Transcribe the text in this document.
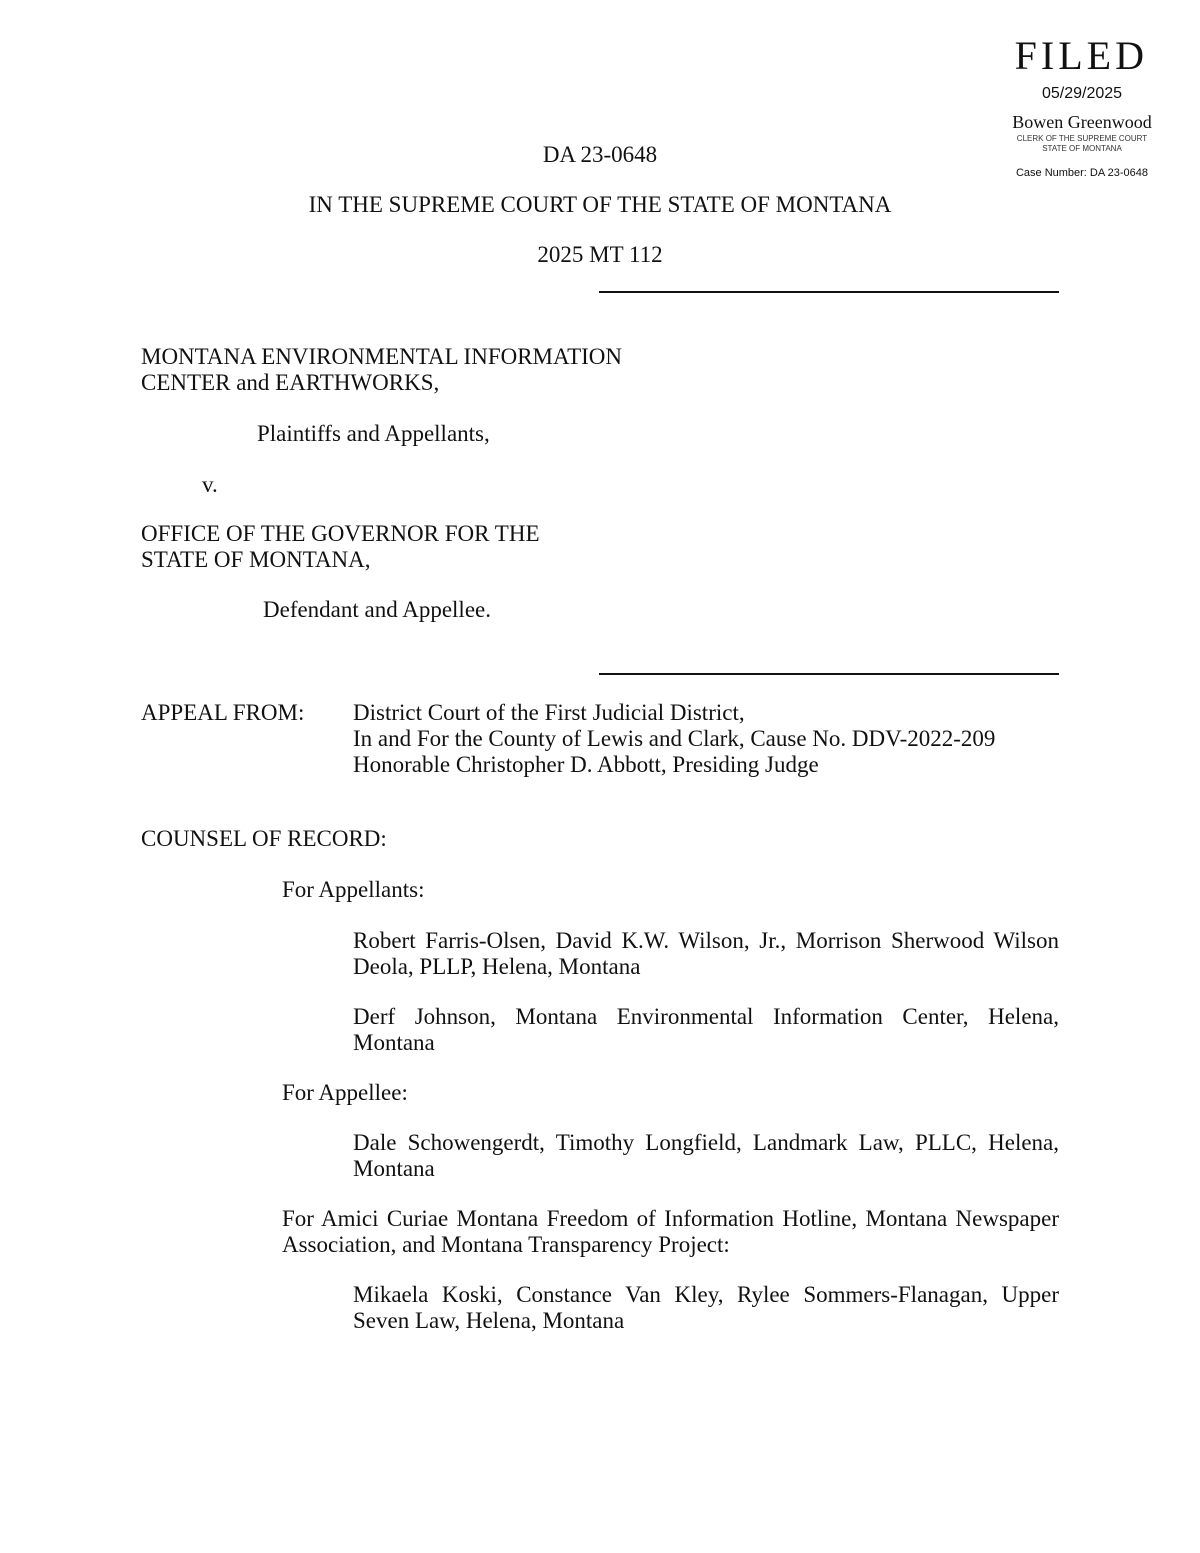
FILED
05/29/2025
Bowen Greenwood
CLERK OF THE SUPREME COURT
STATE OF MONTANA
Case Number: DA 23-0648
DA 23-0648
IN THE SUPREME COURT OF THE STATE OF MONTANA
2025 MT 112
MONTANA ENVIRONMENTAL INFORMATION
CENTER and EARTHWORKS,
Plaintiffs and Appellants,
v.
OFFICE OF THE GOVERNOR FOR THE
STATE OF MONTANA,
Defendant and Appellee.
APPEAL FROM: District Court of the First Judicial District,
In and For the County of Lewis and Clark, Cause No. DDV-2022-209
Honorable Christopher D. Abbott, Presiding Judge
COUNSEL OF RECORD:
For Appellants:
Robert Farris-Olsen, David K.W. Wilson, Jr., Morrison Sherwood Wilson Deola, PLLP, Helena, Montana
Derf Johnson, Montana Environmental Information Center, Helena, Montana
For Appellee:
Dale Schowengerdt, Timothy Longfield, Landmark Law, PLLC, Helena, Montana
For Amici Curiae Montana Freedom of Information Hotline, Montana Newspaper Association, and Montana Transparency Project:
Mikaela Koski, Constance Van Kley, Rylee Sommers-Flanagan, Upper Seven Law, Helena, Montana
